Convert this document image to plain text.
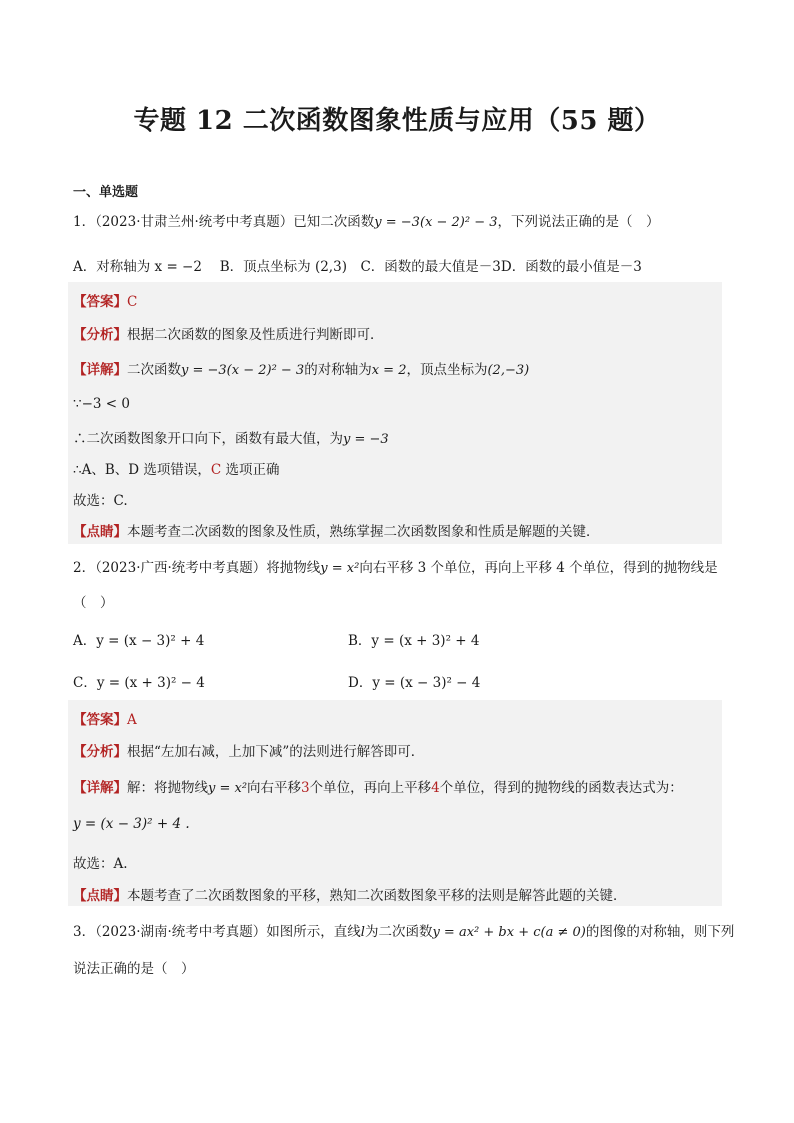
专题 12 二次函数图象性质与应用（55 题）
一、单选题
1．（2023·甘肃兰州·统考中考真题）已知二次函数y = −3(x − 2)² − 3，下列说法正确的是（　）
A．对称轴为 x = −2　 B．顶点坐标为 (2,3)　C．函数的最大值是－3D．函数的最小值是－3
【答案】C
【分析】根据二次函数的图象及性质进行判断即可．
【详解】二次函数y = −3(x − 2)² − 3的对称轴为x = 2，顶点坐标为(2,−3)
∵−3 < 0
∴二次函数图象开口向下，函数有最大值，为y = −3
∴A、B、D 选项错误，C 选项正确
故选：C.
【点睛】本题考查二次函数的图象及性质，熟练掌握二次函数图象和性质是解题的关键．
2．（2023·广西·统考中考真题）将抛物线y = x²向右平移 3 个单位，再向上平移 4 个单位，得到的抛物线是
（　）
A．y = (x − 3)² + 4	B．y = (x + 3)² + 4
C．y = (x + 3)² − 4	D．y = (x − 3)² − 4
【答案】A
【分析】根据“左加右减，上加下减”的法则进行解答即可．
【详解】解：将抛物线y = x²向右平移3个单位，再向上平移4个单位，得到的抛物线的函数表达式为：
y = (x − 3)² + 4 .
故选：A.
【点睛】本题考查了二次函数图象的平移，熟知二次函数图象平移的法则是解答此题的关键．
3．（2023·湖南·统考中考真题）如图所示，直线l为二次函数y = ax² + bx + c(a ≠ 0)的图像的对称轴，则下列
说法正确的是（　）
